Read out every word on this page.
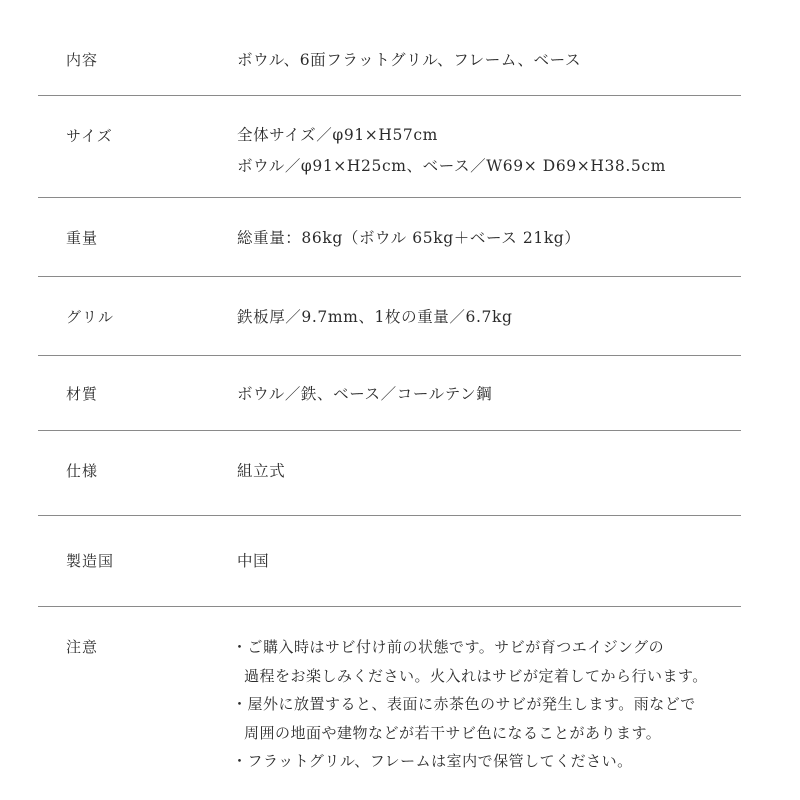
内容	ボウル、6面フラットグリル、フレーム、ベース
サイズ	全体サイズ／φ91×H57cm
ボウル／φ91×H25cm、ベース／W69× D69×H38.5cm
重量	総重量：86kg（ボウル 65kg＋ベース 21kg）
グリル	鉄板厚／9.7mm、1枚の重量／6.7kg
材質	ボウル／鉄、ベース／コールテン鋼
仕様	組立式
製造国	中国
注意	・ご購入時はサビ付け前の状態です。サビが育つエイジングの
過程をお楽しみください。火入れはサビが定着してから行います。
・屋外に放置すると、表面に赤茶色のサビが発生します。雨などで
周囲の地面や建物などが若干サビ色になることがあります。
・フラットグリル、フレームは室内で保管してください。
